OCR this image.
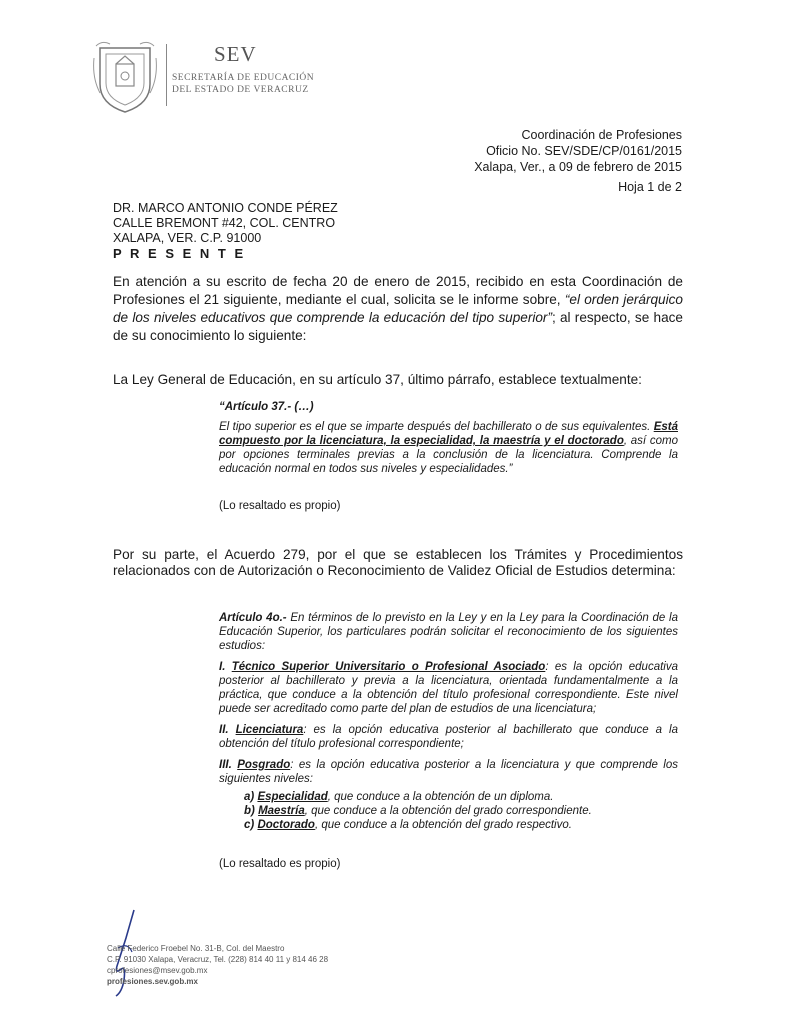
SEV
SECRETARÍA DE EDUCACIÓN
DEL ESTADO DE VERACRUZ
Coordinación de Profesiones
Oficio No. SEV/SDE/CP/0161/2015
Xalapa, Ver., a 09 de febrero de 2015
Hoja 1 de 2
DR. MARCO ANTONIO CONDE PÉREZ
CALLE BREMONT #42, COL. CENTRO
XALAPA, VER. C.P. 91000
P R E S E N T E
En atención a su escrito de fecha 20 de enero de 2015, recibido en esta Coordinación de Profesiones el 21 siguiente, mediante el cual, solicita se le informe sobre, “el orden jerárquico de los niveles educativos que comprende la educación del tipo superior”; al respecto, se hace de su conocimiento lo siguiente:
La Ley General de Educación, en su artículo 37, último párrafo, establece textualmente:
“Artículo 37.- (…)
El tipo superior es el que se imparte después del bachillerato o de sus equivalentes. Está compuesto por la licenciatura, la especialidad, la maestría y el doctorado, así como por opciones terminales previas a la conclusión de la licenciatura. Comprende la educación normal en todos sus niveles y especialidades.”
(Lo resaltado es propio)
Por su parte, el Acuerdo 279, por el que se establecen los Trámites y Procedimientos relacionados con de Autorización o Reconocimiento de Validez Oficial de Estudios determina:

Artículo 4o.- En términos de lo previsto en la Ley y en la Ley para la Coordinación de la Educación Superior, los particulares podrán solicitar el reconocimiento de los siguientes estudios:

I. Técnico Superior Universitario o Profesional Asociado: es la opción educativa posterior al bachillerato y previa a la licenciatura, orientada fundamentalmente a la práctica, que conduce a la obtención del título profesional correspondiente. Este nivel puede ser acreditado como parte del plan de estudios de una licenciatura;

II. Licenciatura: es la opción educativa posterior al bachillerato que conduce a la obtención del título profesional correspondiente;

III. Posgrado: es la opción educativa posterior a la licenciatura y que comprende los siguientes niveles:

a) Especialidad, que conduce a la obtención de un diploma.
b) Maestría, que conduce a la obtención del grado correspondiente.
c) Doctorado, que conduce a la obtención del grado respectivo.
(Lo resaltado es propio)
Calle Federico Froebel No. 31-B, Col. del Maestro
C.P. 91030 Xalapa, Veracruz, Tel. (228) 814 40 11 y 814 46 28
cprofesiones@msev.gob.mx
profesiones.sev.gob.mx
